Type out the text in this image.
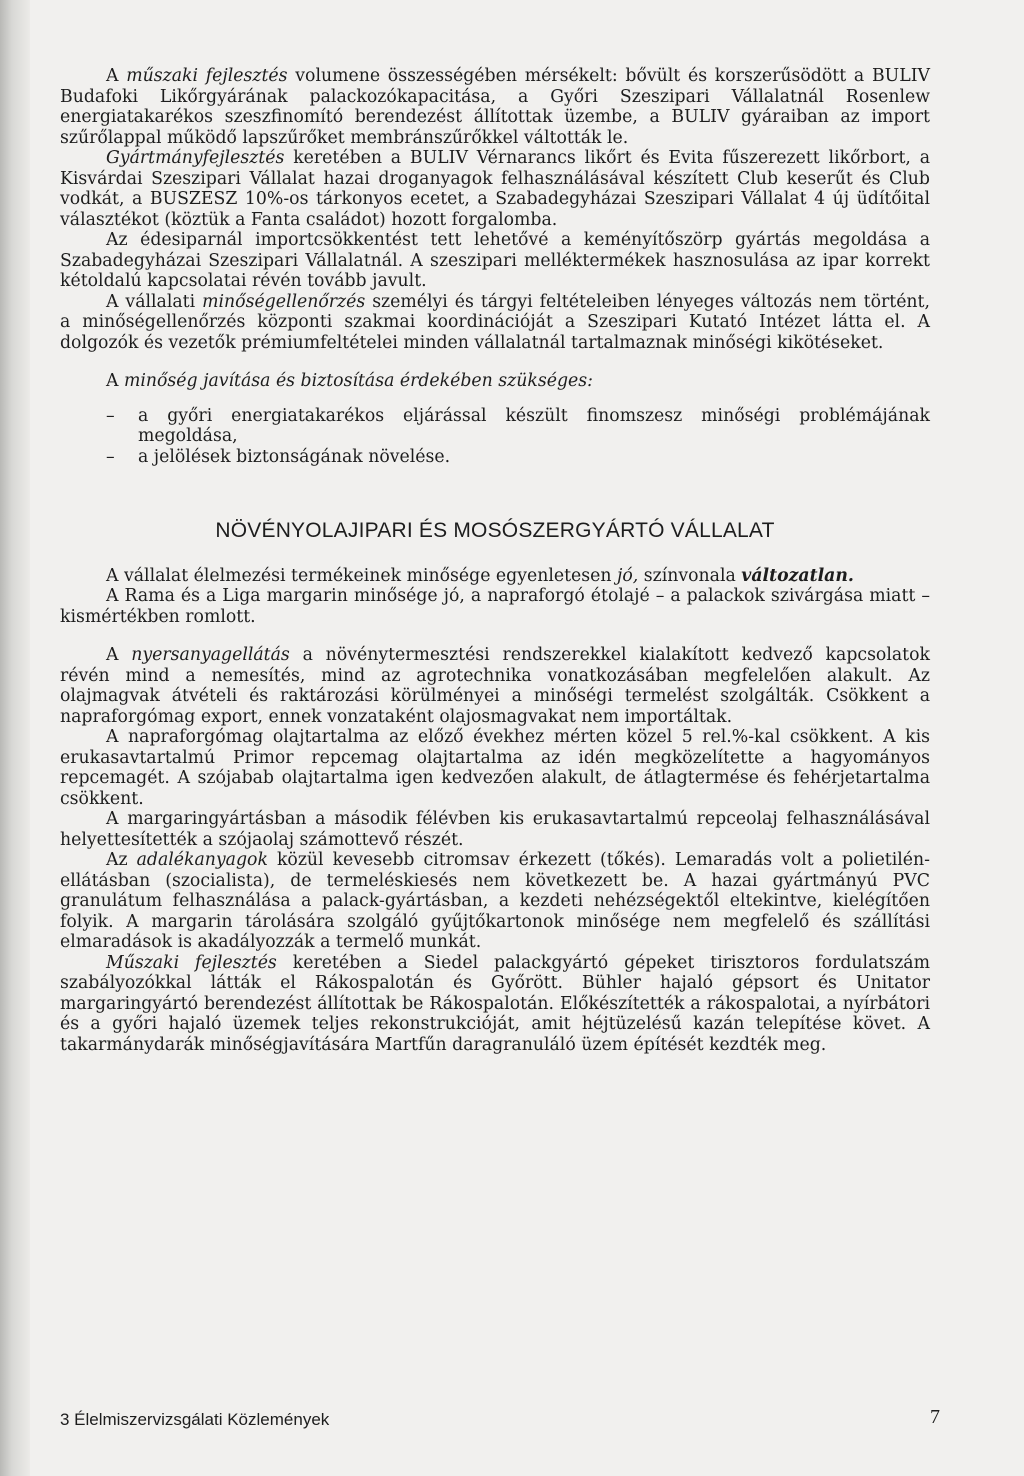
A műszaki fejlesztés volumene összességében mérsékelt: bővült és korszerűsödött a BULIV Budafoki Likőrgyárának palackozókapacitása, a Győri Szeszipari Vállalatnál Rosenlew energiatakarékos szeszfinomító berendezést állítottak üzembe, a BULIV gyáraiban az import szűrőlappal működő lapszűrőket membránszűrőkkel váltották le.

Gyártmányfejlesztés keretében a BULIV Vérnarancs likőrt és Evita fűszerezett likőrbort, a Kisvárdai Szeszipari Vállalat hazai droganyagok felhasználásával készített Club keserűt és Club vodkát, a BUSZESZ 10%-os tárkonyos ecetet, a Szabadegyházai Szeszipari Vállalat 4 új üdítőital választékot (köztük a Fanta családot) hozott forgalomba.

Az édesiparnál importcsökkentést tett lehetővé a keményítőszörp gyártás megoldása a Szabadegyházai Szeszipari Vállalatnál. A szeszipari melléktermékek hasznosulása az ipar korrekt kétoldalú kapcsolatai révén tovább javult.

A vállalati minőségellenőrzés személyi és tárgyi feltételeiben lényeges változás nem történt, a minőségellenőrzés központi szakmai koordinációját a Szeszipari Kutató Intézet látta el. A dolgozók és vezetők prémiumfeltételei minden vállalatnál tartalmaznak minőségi kikötéseket.

A minőség javítása és biztosítása érdekében szükséges:

–	a győri energiatakarékos eljárással készült finomszesz minőségi problémájának megoldása,
–	a jelölések biztonságának növelése.
NÖVÉNYOLAJIPARI ÉS MOSÓSZERGYÁRTÓ VÁLLALAT

A vállalat élelmezési termékeinek minősége egyenletesen jó, színvonala változatlan.

A Rama és a Liga margarin minősége jó, a napraforgó étolajé – a palackok szivárgása miatt – kismértékben romlott.

A nyersanyagellátás a növénytermesztési rendszerekkel kialakított kedvező kapcsolatok révén mind a nemesítés, mind az agrotechnika vonatkozásában megfelelően alakult. Az olajmagvak átvételi és raktározási körülményei a minőségi termelést szolgálták. Csökkent a napraforgómag export, ennek vonzataként olajosmagvakat nem importáltak.

A napraforgómag olajtartalma az előző évekhez mérten közel 5 rel.%-kal csökkent. A kis erukasavtartalmú Primor repcemag olajtartalma az idén megközelítette a hagyományos repcemagét. A szójabab olajtartalma igen kedvezően alakult, de átlagtermése és fehérjetartalma csökkent.

A margaringyártásban a második félévben kis erukasavtartalmú repceolaj felhasználásával helyettesítették a szójaolaj számottevő részét.

Az adalékanyagok közül kevesebb citromsav érkezett (tőkés). Lemaradás volt a polietilén-ellátásban (szocialista), de termeléskiesés nem következett be. A hazai gyártmányú PVC granulátum felhasználása a palack-gyártásban, a kezdeti nehézségektől eltekintve, kielégítően folyik. A margarin tárolására szolgáló gyűjtőkartonok minősége nem megfelelő és szállítási elmaradások is akadályozzák a termelő munkát.

Műszaki fejlesztés keretében a Siedel palackgyártó gépeket tirisztoros fordulatszám szabályozókkal látták el Rákospalotán és Győrött. Bühler hajaló gépsort és Unitator margaringyártó berendezést állítottak be Rákospalotán. Előkészítették a rákospalotai, a nyírbátori és a győri hajaló üzemek teljes rekonstrukcióját, amit héjtüzelésű kazán telepítése követ. A takarmánydarák minőségjavítására Martfűn daragranuláló üzem építését kezdték meg.

3 Élelmiszervizsgálati Közlemények	7
